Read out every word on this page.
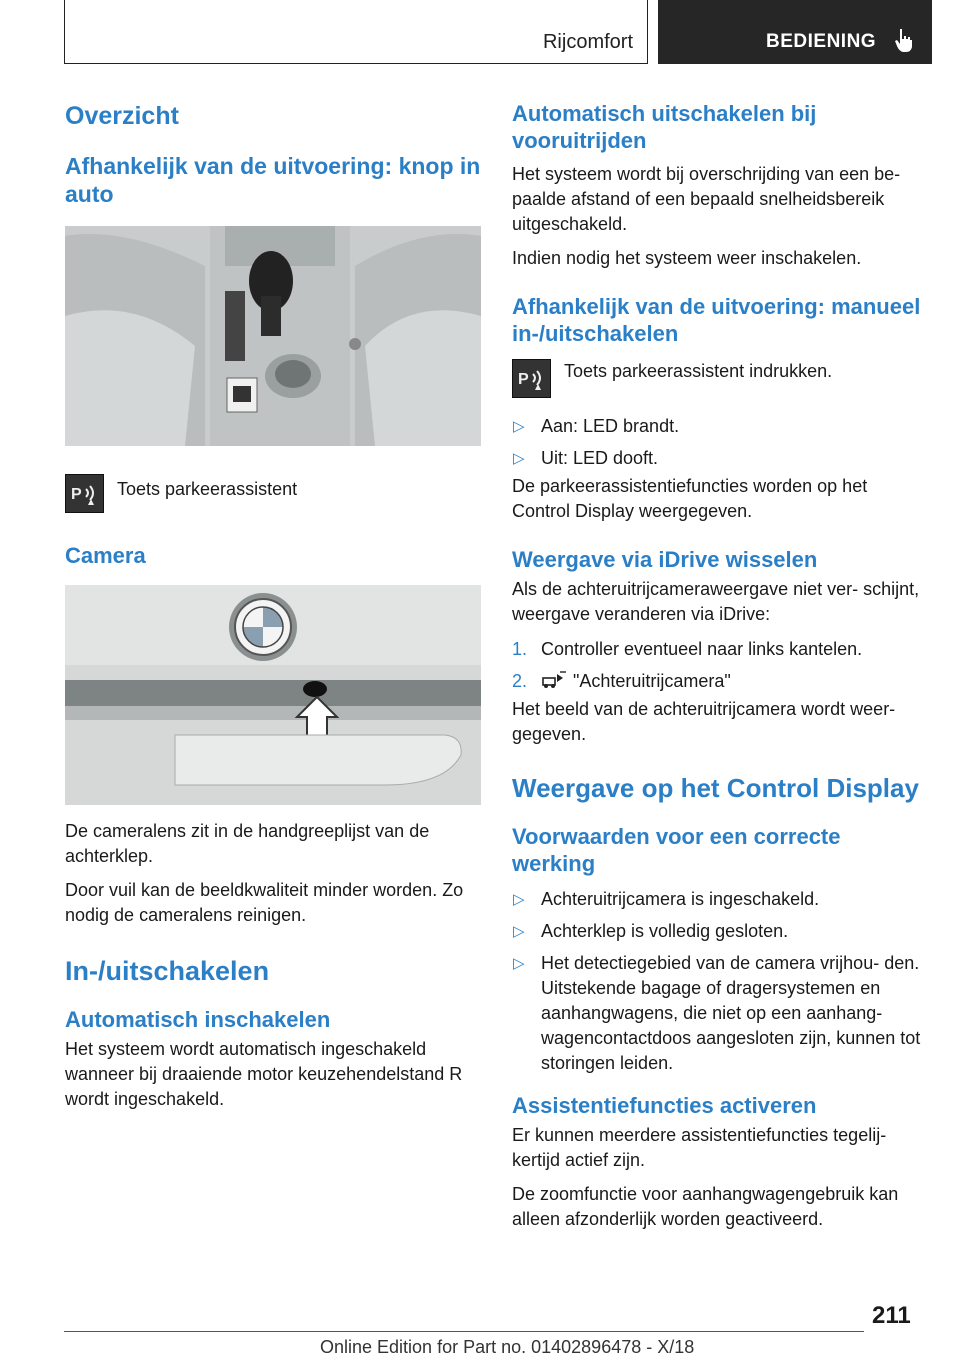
Rijcomfort	BEDIENING
Overzicht
Afhankelijk van de uitvoering: knop in auto
P	Toets parkeerassistent

Camera

De cameralens zit in de handgreeplijst van de achterklep.

Door vuil kan de beeldkwaliteit minder worden. Zo nodig de cameralens reinigen.

In-/uitschakelen
Automatisch inschakelen

Het systeem wordt automatisch ingeschakeld wanneer bij draaiende motor keuzehendelstand R wordt ingeschakeld.

Automatisch uitschakelen bij vooruitrijden

Het systeem wordt bij overschrijding van een be- paalde afstand of een bepaald snelheidsbereik uitgeschakeld.

Indien nodig het systeem weer inschakelen.

Afhankelijk van de uitvoering: manueel in-/uitschakelen
P	Toets parkeerassistent indrukken.

▷ Aan: LED brandt.
▷ Uit: LED dooft.

De parkeerassistentiefuncties worden op het Control Display weergegeven.

Weergave via iDrive wisselen

Als de achteruitrijcameraweergave niet ver- schijnt, weergave veranderen via iDrive:

1. Controller eventueel naar links kantelen.
2.	"Achteruitrijcamera"

Het beeld van de achteruitrijcamera wordt weer- gegeven.

Weergave op het Control Display
Voorwaarden voor een correcte werking
▷ Achteruitrijcamera is ingeschakeld.
▷ Achterklep is volledig gesloten.
▷ Het detectiegebied van de camera vrijhou- den. Uitstekende bagage of dragersystemen en aanhangwagens, die niet op een aanhang- wagencontactdoos aangesloten zijn, kunnen tot storingen leiden.
Assistentiefuncties activeren

Er kunnen meerdere assistentiefuncties tegelij- kertijd actief zijn.

De zoomfunctie voor aanhangwagengebruik kan alleen afzonderlijk worden geactiveerd.

211
Online Edition for Part no. 01402896478 - X/18
